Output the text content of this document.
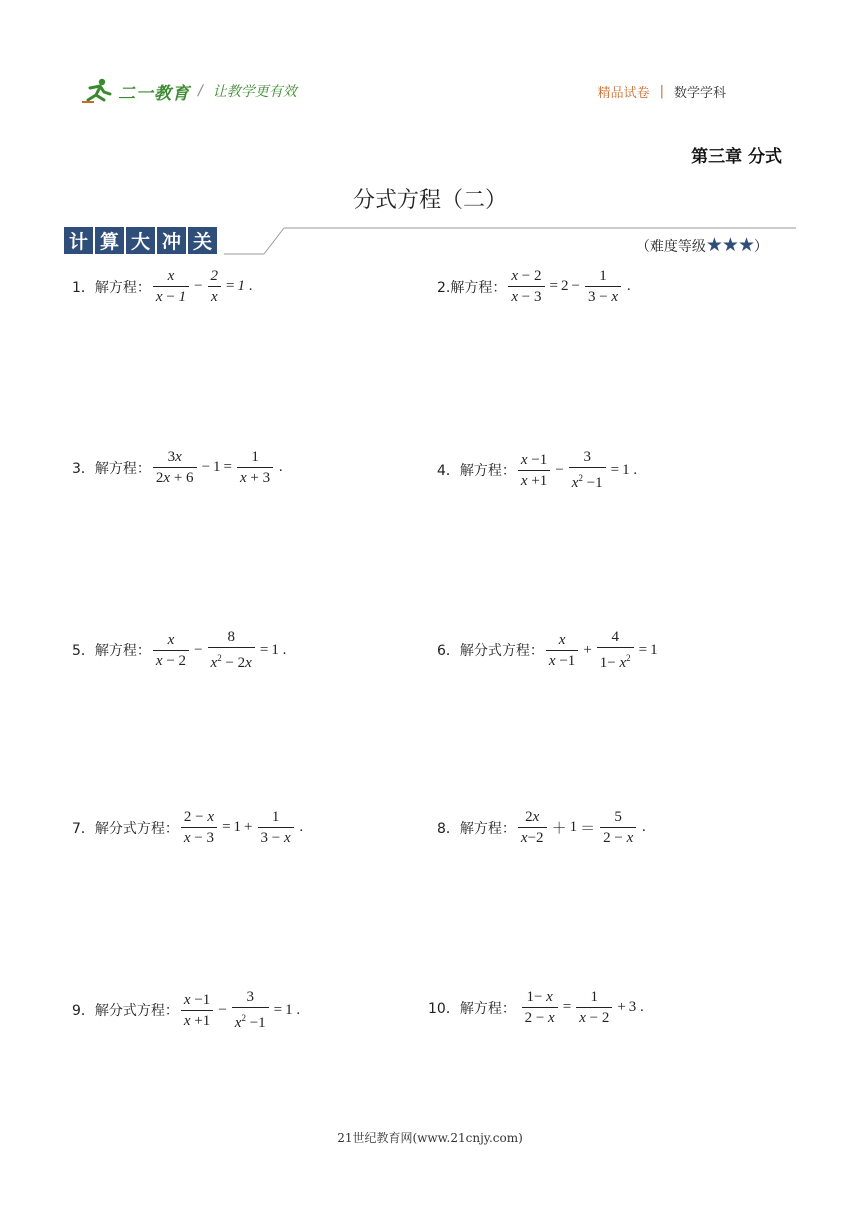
二一教育 / 让教学更有效	精品试卷 | 数学学科
第三章 分式
分式方程（二）
计 算 大 冲 关	（难度等级★★★）
1．解方程： $\frac{x}{x - 1} - \frac{2}{x} = 1$ .	2.解方程： $\frac{x - 2}{x - 3} = 2 - \frac{1}{3 - x}$ .
3．解方程： $\frac{3x}{2x + 6} - 1 = \frac{1}{x + 3}$ .	4．解方程： $\frac{x -1}{x +1} - \frac{3}{x^2 -1} = 1$ .
5．解方程： $\frac{x}{x - 2} - \frac{8}{x^2 - 2x} = 1$ .	6．解分式方程： $\frac{x}{x -1} + \frac{4}{1- x^2} = 1$
7．解分式方程： $\frac{2 - x}{x - 3} = 1 + \frac{1}{3 - x}$ .	8．解方程： $\frac{2x}{x-2} + 1 = \frac{5}{2 - x}$ .
9．解分式方程： $\frac{x -1}{x +1} - \frac{3}{x^2 -1} = 1$ .	10．解方程：
$\frac{1- x}{2 - x} = \frac{1}{x - 2} + 3$ .
21世纪教育网(www.21cnjy.com)
